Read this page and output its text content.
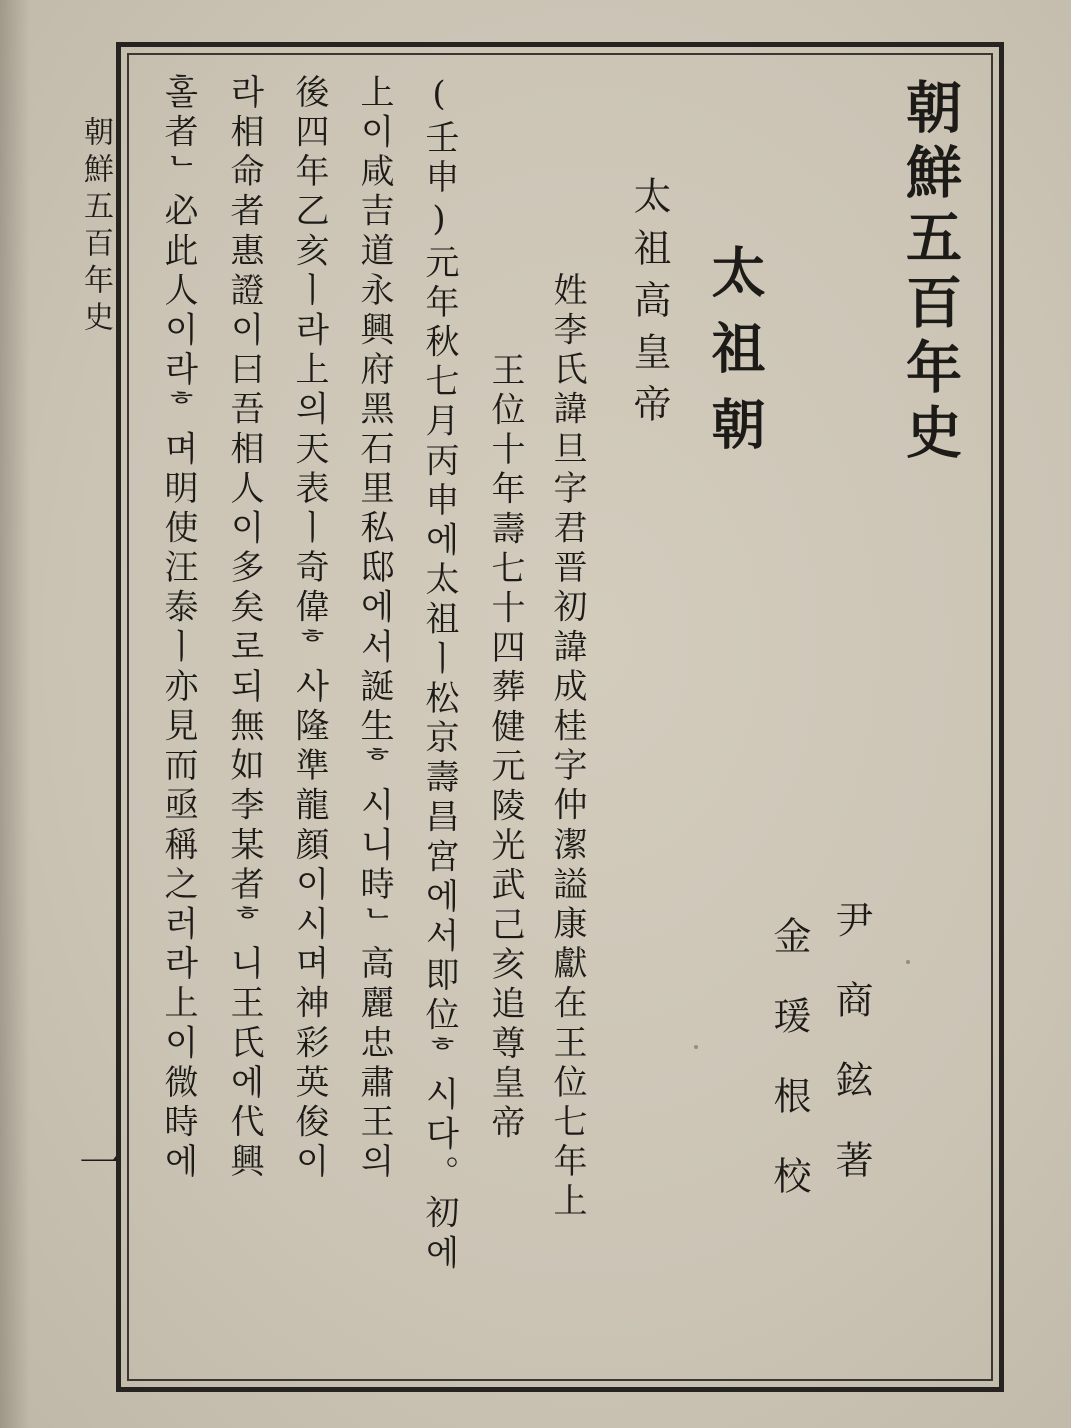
朝鮮五百年史
一
朝鮮五百年史
尹商鉉著
金瑗根校
太祖朝
太祖高皇帝
姓李氏諱旦字君晋初諱成桂字仲潔謚康獻在王位七年上
王位十年壽七十四葬健元陵光武己亥追尊皇帝
(壬申)元年秋七月丙申에太祖ㅣ松京壽昌宮에서即位ᄒ시다。初에
上이咸吉道永興府黑石里私邸에서誕生ᄒ시니時ᄂ高麗忠肅王의
後四年乙亥ㅣ라上의天表ㅣ奇偉ᄒ사隆準龍顔이시며神彩英俊이
라相命者惠證이曰吾相人이多矣로되無如李某者ᄒ니王氏에代興
홀者ᄂ必此人이라ᄒ며明使汪泰ㅣ亦見而亟稱之러라上이微時에
